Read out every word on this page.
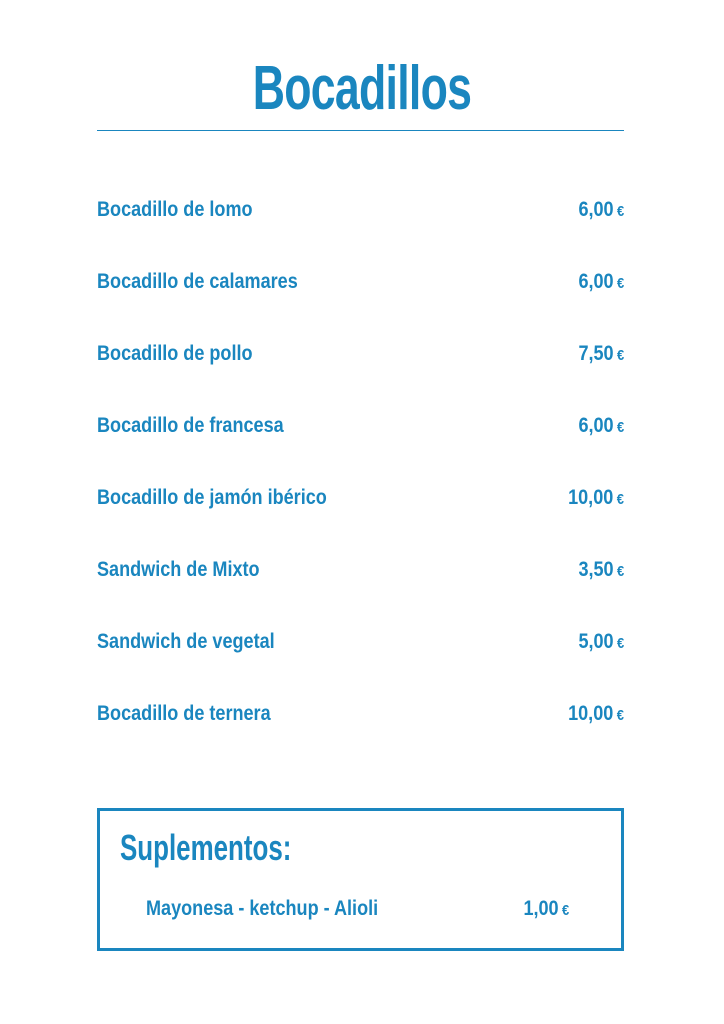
Bocadillos
Bocadillo de lomo	6,00 €
Bocadillo de calamares	6,00 €
Bocadillo de pollo	7,50 €
Bocadillo de francesa	6,00 €
Bocadillo de jamón ibérico	10,00 €
Sandwich de Mixto	3,50 €
Sandwich de vegetal	5,00 €
Bocadillo de ternera	10,00 €
Suplementos:
Mayonesa - ketchup - Alioli	1,00 €
